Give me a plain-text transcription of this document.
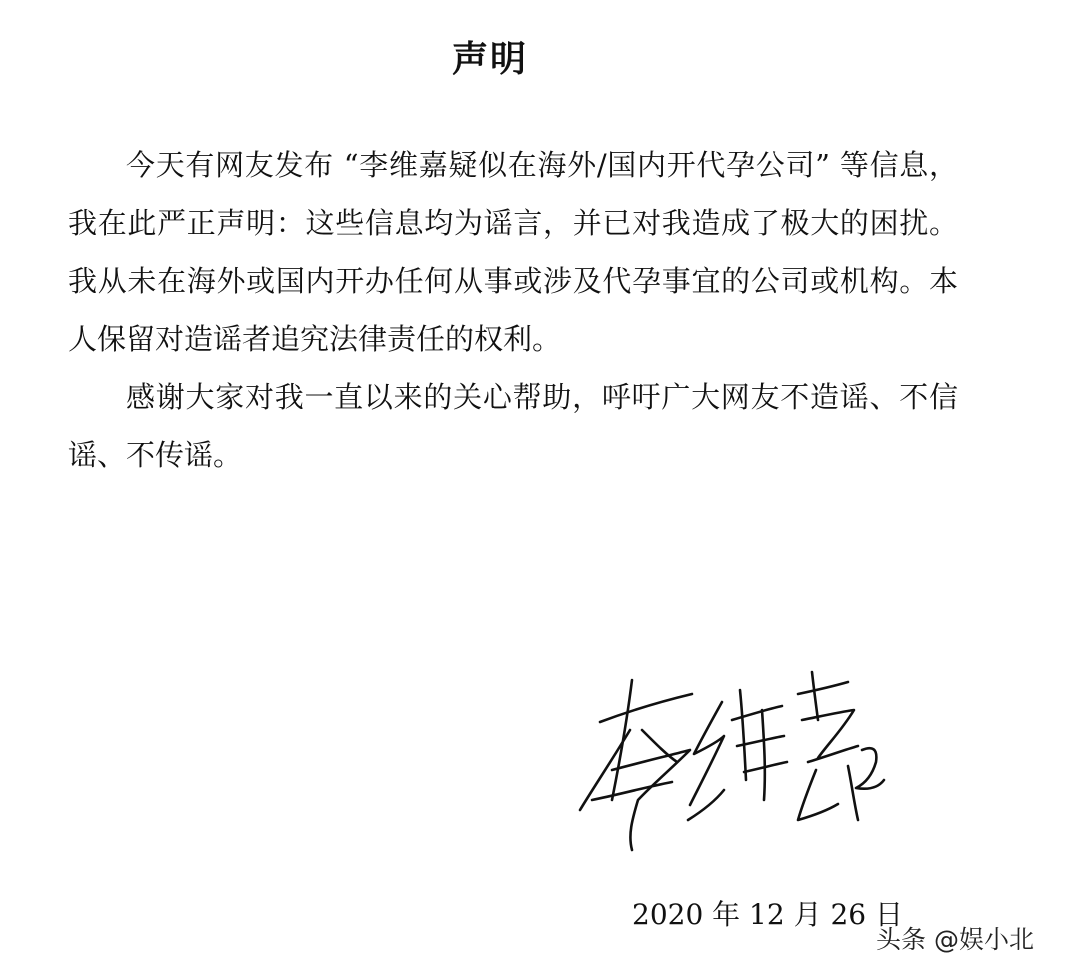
声明

今天有网友发布 “李维嘉疑似在海外/国内开代孕公司” 等信息，我在此严正声明：这些信息均为谣言，并已对我造成了极大的困扰。我从未在海外或国内开办任何从事或涉及代孕事宜的公司或机构。本人保留对造谣者追究法律责任的权利。

感谢大家对我一直以来的关心帮助，呼吁广大网友不造谣、不信谣、不传谣。

2020 年 12 月 26 日
头条 @娱小北
